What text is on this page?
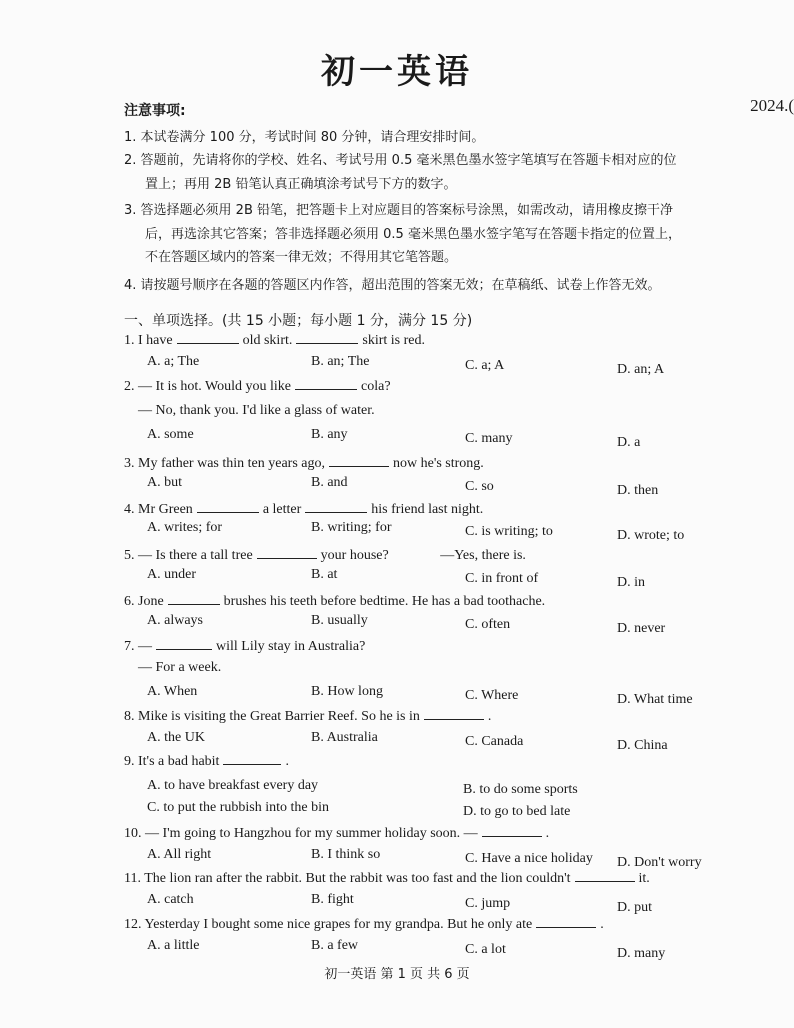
初一英语
2024.(
注意事项:
1. 本试卷满分 100 分，考试时间 80 分钟，请合理安排时间。
2. 答题前，先请将你的学校、姓名、考试号用 0.5 毫米黑色墨水签字笔填写在答题卡相对应的位
置上；再用 2B 铅笔认真正确填涂考试号下方的数字。
3. 答选择题必须用 2B 铅笔，把答题卡上对应题目的答案标号涂黑，如需改动，请用橡皮擦干净
后，再选涂其它答案；答非选择题必须用 0.5 毫米黑色墨水签字笔写在答题卡指定的位置上，
不在答题区域内的答案一律无效；不得用其它笔答题。
4. 请按题号顺序在各题的答题区内作答，超出范围的答案无效；在草稿纸、试卷上作答无效。
一、单项选择。(共 15 小题；每小题 1 分，满分 15 分)
1. I have	old skirt.	skirt is red.
A. a; The	B. an; The	C. a; A	D. an; A
2. — It is hot. Would you like	cola?
— No, thank you. I'd like a glass of water.
A. some	B. any	C. many	D. a
3. My father was thin ten years ago,	now he's strong.
A. but	B. and	C. so	D. then
4. Mr Green	a letter	his friend last night.
A. writes; for	B. writing; for	C. is writing; to	D. wrote; to
5. — Is there a tall tree	your house?	—Yes, there is.
A. under	B. at	C. in front of	D. in
6. Jone	brushes his teeth before bedtime. He has a bad toothache.
A. always	B. usually	C. often	D. never
7. —	will Lily stay in Australia?
— For a week.
A. When	B. How long	C. Where	D. What time
8. Mike is visiting the Great Barrier Reef. So he is in	.
A. the UK	B. Australia	C. Canada	D. China
9. It's a bad habit	.
A. to have breakfast every day	B. to do some sports
C. to put the rubbish into the bin	D. to go to bed late
10. — I'm going to Hangzhou for my summer holiday soon. —	.
A. All right	B. I think so	C. Have a nice holiday D. Don't worry
11. The lion ran after the rabbit. But the rabbit was too fast and the lion couldn't	it.
A. catch	B. fight	C. jump	D. put
12. Yesterday I bought some nice grapes for my grandpa. But he only ate	.
A. a little	B. a few	C. a lot	D. many
初一英语 第 1 页 共 6 页
